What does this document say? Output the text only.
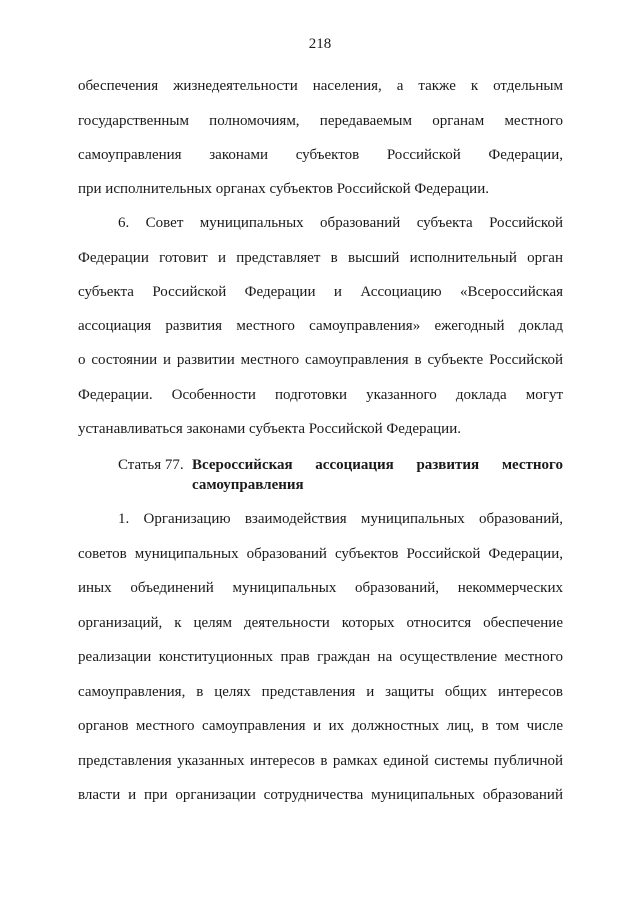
218
обеспечения жизнедеятельности населения, а также к отдельным
государственным полномочиям, передаваемым органам местного
самоуправления законами субъектов Российской Федерации,
при исполнительных органах субъектов Российской Федерации.
6. Совет муниципальных образований субъекта Российской
Федерации готовит и представляет в высший исполнительный орган
субъекта Российской Федерации и Ассоциацию «Всероссийская
ассоциация развития местного самоуправления» ежегодный доклад
о состоянии и развитии местного самоуправления в субъекте Российской
Федерации. Особенности подготовки указанного доклада могут
устанавливаться законами субъекта Российской Федерации.
Статья 77. Всероссийская ассоциация развития местного
самоуправления
1. Организацию взаимодействия муниципальных образований,
советов муниципальных образований субъектов Российской Федерации,
иных объединений муниципальных образований, некоммерческих
организаций, к целям деятельности которых относится обеспечение
реализации конституционных прав граждан на осуществление местного
самоуправления, в целях представления и защиты общих интересов
органов местного самоуправления и их должностных лиц, в том числе
представления указанных интересов в рамках единой системы публичной
власти и при организации сотрудничества муниципальных образований
